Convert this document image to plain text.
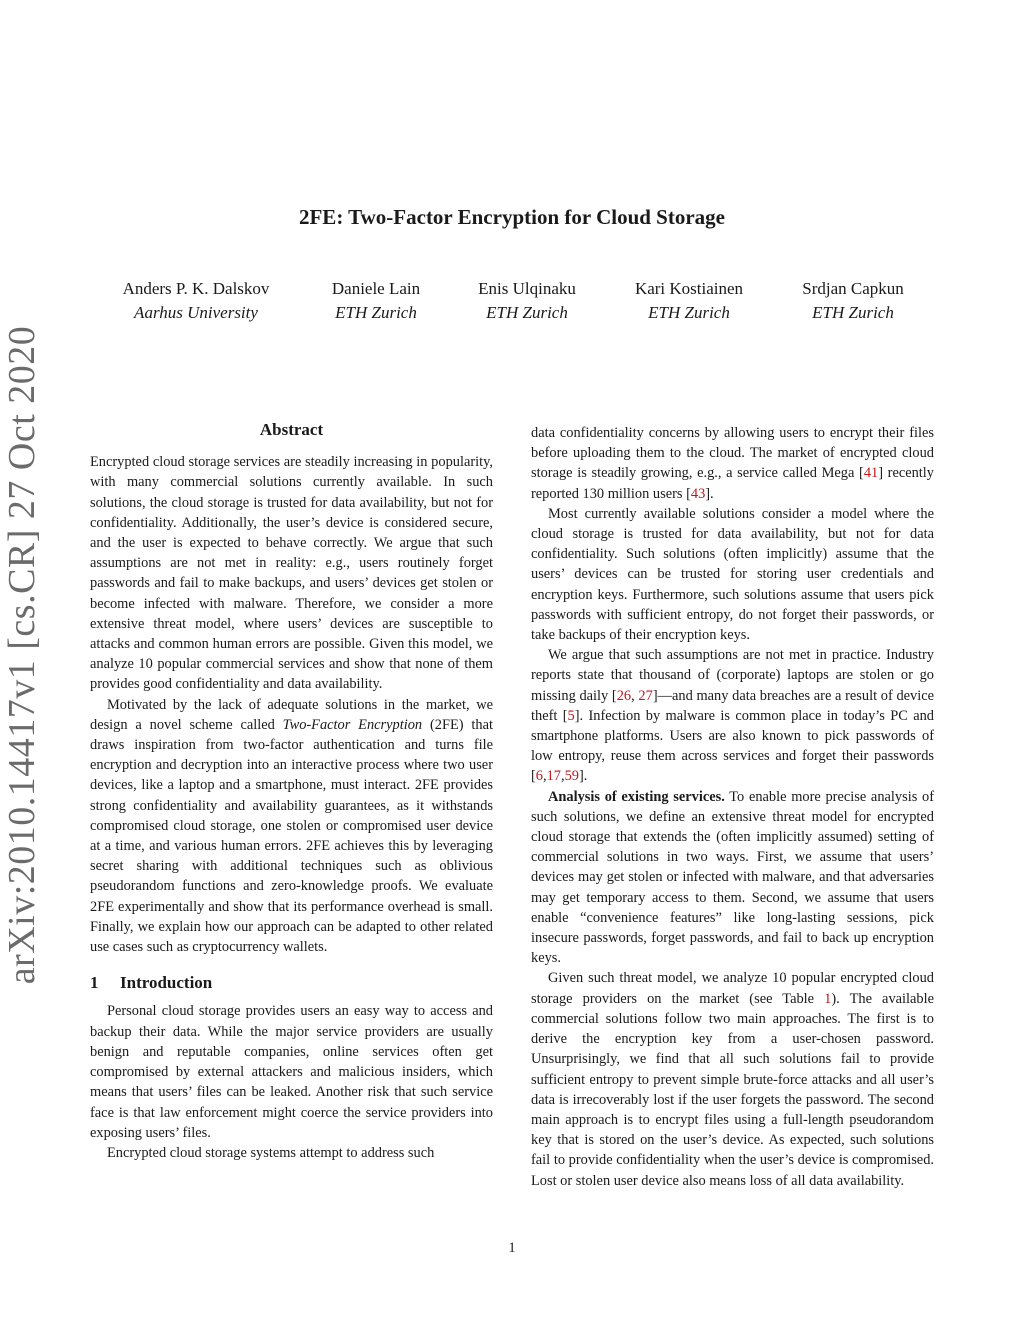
arXiv:2010.14417v1 [cs.CR] 27 Oct 2020
2FE: Two-Factor Encryption for Cloud Storage
Anders P. K. Dalskov
Aarhus University
Daniele Lain
ETH Zurich
Enis Ulqinaku
ETH Zurich
Kari Kostiainen
ETH Zurich
Srdjan Capkun
ETH Zurich
Abstract

Encrypted cloud storage services are steadily increasing in popularity, with many commercial solutions currently available. In such solutions, the cloud storage is trusted for data availability, but not for confidentiality. Additionally, the user’s device is considered secure, and the user is expected to behave correctly. We argue that such assumptions are not met in reality: e.g., users routinely forget passwords and fail to make backups, and users’ devices get stolen or become infected with malware. Therefore, we consider a more extensive threat model, where users’ devices are susceptible to attacks and common human errors are possible. Given this model, we analyze 10 popular commercial services and show that none of them provides good confidentiality and data availability.

Motivated by the lack of adequate solutions in the market, we design a novel scheme called Two-Factor Encryption (2FE) that draws inspiration from two-factor authentication and turns file encryption and decryption into an interactive process where two user devices, like a laptop and a smartphone, must interact. 2FE provides strong confidentiality and availability guarantees, as it withstands compromised cloud storage, one stolen or compromised user device at a time, and various human errors. 2FE achieves this by leveraging secret sharing with additional techniques such as oblivious pseudorandom functions and zero-knowledge proofs. We evaluate 2FE experimentally and show that its performance overhead is small. Finally, we explain how our approach can be adapted to other related use cases such as cryptocurrency wallets.

1 Introduction

Personal cloud storage provides users an easy way to access and backup their data. While the major service providers are usually benign and reputable companies, online services often get compromised by external attackers and malicious insiders, which means that users’ files can be leaked. Another risk that such service face is that law enforcement might coerce the service providers into exposing users’ files.

Encrypted cloud storage systems attempt to address such

data confidentiality concerns by allowing users to encrypt their files before uploading them to the cloud. The market of encrypted cloud storage is steadily growing, e.g., a service called Mega [41] recently reported 130 million users [43].

Most currently available solutions consider a model where the cloud storage is trusted for data availability, but not for data confidentiality. Such solutions (often implicitly) assume that the users’ devices can be trusted for storing user credentials and encryption keys. Furthermore, such solutions assume that users pick passwords with sufficient entropy, do not forget their passwords, or take backups of their encryption keys.

We argue that such assumptions are not met in practice. Industry reports state that thousand of (corporate) laptops are stolen or go missing daily [26, 27]—and many data breaches are a result of device theft [5]. Infection by malware is common place in today’s PC and smartphone platforms. Users are also known to pick passwords of low entropy, reuse them across services and forget their passwords [6,17,59].

Analysis of existing services. To enable more precise analysis of such solutions, we define an extensive threat model for encrypted cloud storage that extends the (often implicitly assumed) setting of commercial solutions in two ways. First, we assume that users’ devices may get stolen or infected with malware, and that adversaries may get temporary access to them. Second, we assume that users enable “convenience features” like long-lasting sessions, pick insecure passwords, forget passwords, and fail to back up encryption keys.

Given such threat model, we analyze 10 popular encrypted cloud storage providers on the market (see Table 1). The available commercial solutions follow two main approaches. The first is to derive the encryption key from a user-chosen password. Unsurprisingly, we find that all such solutions fail to provide sufficient entropy to prevent simple brute-force attacks and all user’s data is irrecoverably lost if the user forgets the password. The second main approach is to encrypt files using a full-length pseudorandom key that is stored on the user’s device. As expected, such solutions fail to provide confidentiality when the user’s device is compromised. Lost or stolen user device also means loss of all data availability.

1
